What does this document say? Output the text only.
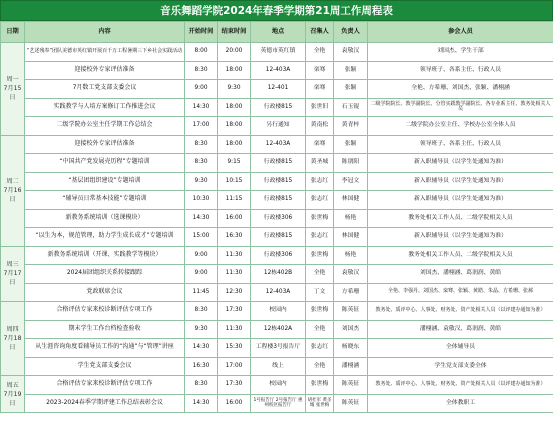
音乐舞蹈学院2024年春季学期第21周工作周程表
日期	内容	开始时间	结束时间	地点	召集人	负责人	参会人员

周一
7月15日	“艺述残奉”团队美德市英红镇开展百千万工程暑期三下乡社会实践活动	8:00	20:00	英德市英红镇	全艳	袁敬汉	刘国杰、学生干部
	迎接校外专家评估准备	8:30	18:00	12-403A	栾骞	张颖	领导班子、各系主任、行政人员
	7月数工党支部支委会议	9:00	9:30	12-401	栾骞	张颖	全艳、方希珊、刘国杰、张颖、潘栩涵
	实践教学与人培方案修订工作推进会议	14:30	18:00	行政楼815	张世旧	石玉锟	二级学院院长、教学副院长、分管实践教学副院长、各专业系主任、教务处相关人员
	二级学院办公室主任学期工作总结会	17:00	18:00	另行通知	黄南松	黄青梓	二级学院办公室主任、学校办公室全体人员

周二
7月16日	迎接校外专家评估准备	8:30	18:00	12-403A	栾骞	张颖	领导班子、各系主任、行政人员
	“中国共产党发展壳历程”专题培训	8:30	9:15	行政楼815	黄圣城	陈朋阳	新入职辅导员（以学生处通知为准）
	“基层团组织建设”专题培训	9:30	10:15	行政楼815	张志红	李冠文	新入职辅导员（以学生处通知为准）
	“辅导员日常基本技能”专题培训	10:30	11:15	行政楼815	张志红	林国健	新入职辅导员（以学生处通知为准）
	新教务系统培训（选课模块）	14:30	16:00	行政楼306	张世梅	杨艳	教务处相关工作人员、二级学院相关人员
	“以生为本，规范管理，助力学生成长成才”专题培训	15:00	16:30	行政楼815	张志红	林国健	新入职辅导员（以学生处通知为准）

周三
7月17日	新教务系统培训（开课、实践教学等模块）	9:00	11:30	行政楼306	张世梅	杨艳	教务处相关工作人员、二级学院相关人员
	2024届团组织关系转接跟踪	9:00	11:30	12栋402B	全艳	袁敬汉	刘国杰、潘栩涵、葛润润、黄皓
	党政联席会议	11:45	12:30	12-403A	丁文	方希珊	全艳、李强丹、刘国杰、栾骞、张颖、黄皓、朱晶、方希珊、张郝

周四
7月18日	合格评估专家来校诊断评估专项工作	8:30	17:30	校园内	张世梅	陈英征	教务处、质评中心、人事处、财务处、资产处相关人员（以评建办通知为准）
	期末学生工作台档检查验收	9:30	11:30	12栋402A	全艳	刘国杰	潘栩涵、袁敬汉、葛润润、黄皓
	从生涯咨询角度看辅导员工作的“沟通”与“管理”讲座	14:30	15:30	工程楼3号报告厅	张志红	杨晓东	全体辅导员
	学生党支部支委会议	16:30	17:00	线上	全艳	潘栩涵	学生党支部支委全体

周五
7月19日	合格评估专家来校诊断评估专项工作	8:30	17:30	校园内	张世梅	陈英征	教务处、质评中心、人事处、财务处、资产处相关人员（以评建办通知为准）
	2023-2024春季学期评建工作总结表彰会议	14:30	16:00	1号报告厅 2号报告厅 惠州校区报告厅	胡社军 黄圣城 张世梅	陈英征	全体教职工
